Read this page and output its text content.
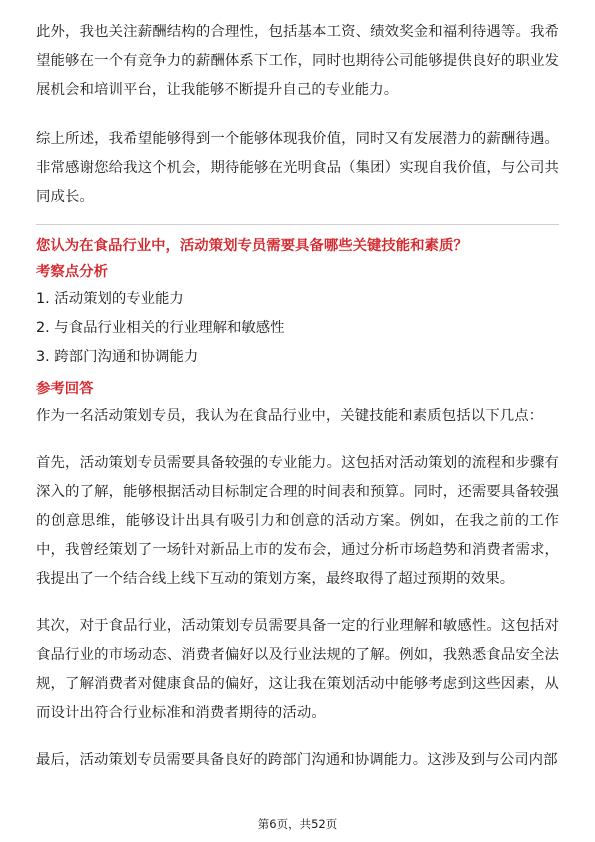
此外，我也关注薪酬结构的合理性，包括基本工资、绩效奖金和福利待遇等。我希望能够在一个有竞争力的薪酬体系下工作，同时也期待公司能够提供良好的职业发展机会和培训平台，让我能够不断提升自己的专业能力。

综上所述，我希望能够得到一个能够体现我价值，同时又有发展潜力的薪酬待遇。非常感谢您给我这个机会，期待能够在光明食品（集团）实现自我价值，与公司共同成长。

您认为在食品行业中，活动策划专员需要具备哪些关键技能和素质？

考察点分析

1. 活动策划的专业能力

2. 与食品行业相关的行业理解和敏感性

3. 跨部门沟通和协调能力

参考回答

作为一名活动策划专员，我认为在食品行业中，关键技能和素质包括以下几点：

首先，活动策划专员需要具备较强的专业能力。这包括对活动策划的流程和步骤有深入的了解，能够根据活动目标制定合理的时间表和预算。同时，还需要具备较强的创意思维，能够设计出具有吸引力和创意的活动方案。例如，在我之前的工作中，我曾经策划了一场针对新品上市的发布会，通过分析市场趋势和消费者需求，我提出了一个结合线上线下互动的策划方案，最终取得了超过预期的效果。

其次，对于食品行业，活动策划专员需要具备一定的行业理解和敏感性。这包括对食品行业的市场动态、消费者偏好以及行业法规的了解。例如，我熟悉食品安全法规，了解消费者对健康食品的偏好，这让我在策划活动中能够考虑到这些因素，从而设计出符合行业标准和消费者期待的活动。

最后，活动策划专员需要具备良好的跨部门沟通和协调能力。这涉及到与公司内部

第6页，共52页
